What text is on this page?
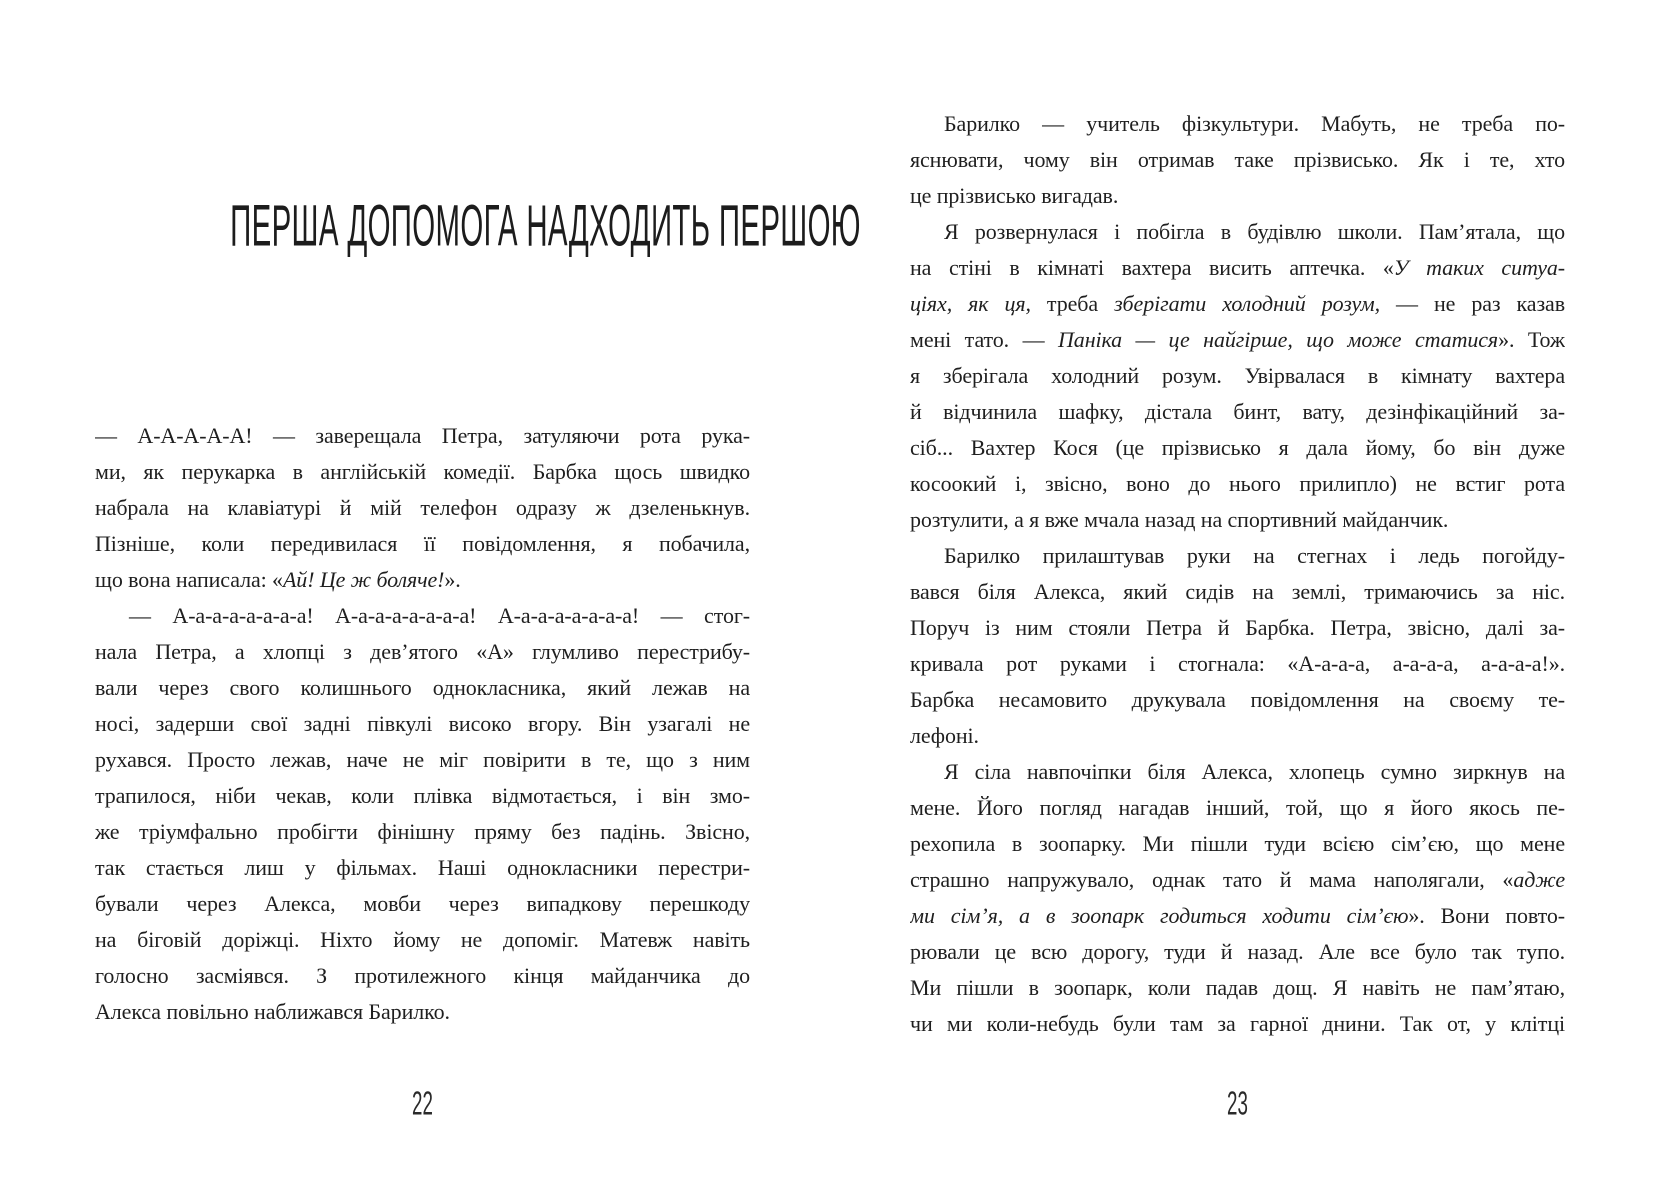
ПЕРША ДОПОМОГА НАДХОДИТЬ ПЕРШОЮ
— А-А-А-А-А! — заверещала Петра, затуляючи рота рука-
ми, як перукарка в англійській комедії. Барбка щось швидко
набрала на клавіатурі й мій телефон одразу ж дзеленькнув.
Пізніше, коли передивилася її повідомлення, я побачила,
що вона написала: «Ай! Це ж боляче!».
— А-а-а-а-а-а-а-а! А-а-а-а-а-а-а-а! А-а-а-а-а-а-а-а! — стог-
нала Петра, а хлопці з дев’ятого «А» глумливо перестрибу-
вали через свого колишнього однокласника, який лежав на
носі, задерши свої задні півкулі високо вгору. Він узагалі не
рухався. Просто лежав, наче не міг повірити в те, що з ним
трапилося, ніби чекав, коли плівка відмотається, і він змо-
же тріумфально пробігти фінішну пряму без падінь. Звісно,
так стається лиш у фільмах. Наші однокласники перестри-
бували через Алекса, мовби через випадкову перешкоду
на біговій доріжці. Ніхто йому не допоміг. Матевж навіть
голосно засміявся. З протилежного кінця майданчика до
Алекса повільно наближався Барилко.
22
Барилко — учитель фізкультури. Мабуть, не треба по-
яснювати, чому він отримав таке прізвисько. Як і те, хто
це прізвисько вигадав.
Я розвернулася і побігла в будівлю школи. Пам’ятала, що
на стіні в кімнаті вахтера висить аптечка. «У таких ситуа-
ціях, як ця, треба зберігати холодний розум, — не раз казав
мені тато. — Паніка — це найгірше, що може статися». Тож
я зберігала холодний розум. Увірвалася в кімнату вахтера
й відчинила шафку, дістала бинт, вату, дезінфікаційний за-
сіб... Вахтер Кося (це прізвисько я дала йому, бо він дуже
косоокий і, звісно, воно до нього прилипло) не встиг рота
розтулити, а я вже мчала назад на спортивний майданчик.
Барилко прилаштував руки на стегнах і ледь погойду-
вався біля Алекса, який сидів на землі, тримаючись за ніс.
Поруч із ним стояли Петра й Барбка. Петра, звісно, далі за-
кривала рот руками і стогнала: «А-а-а-а, а-а-а-а, а-а-а-а!».
Барбка несамовито друкувала повідомлення на своєму те-
лефоні.
Я сіла навпочіпки біля Алекса, хлопець сумно зиркнув на
мене. Його погляд нагадав інший, той, що я його якось пе-
рехопила в зоопарку. Ми пішли туди всією сім’єю, що мене
страшно напружувало, однак тато й мама наполягали, «адже
ми сім’я, а в зоопарк годиться ходити сім’єю». Вони повто-
рювали це всю дорогу, туди й назад. Але все було так тупо.
Ми пішли в зоопарк, коли падав дощ. Я навіть не пам’ятаю,
чи ми коли-небудь були там за гарної днини. Так от, у клітці
23
